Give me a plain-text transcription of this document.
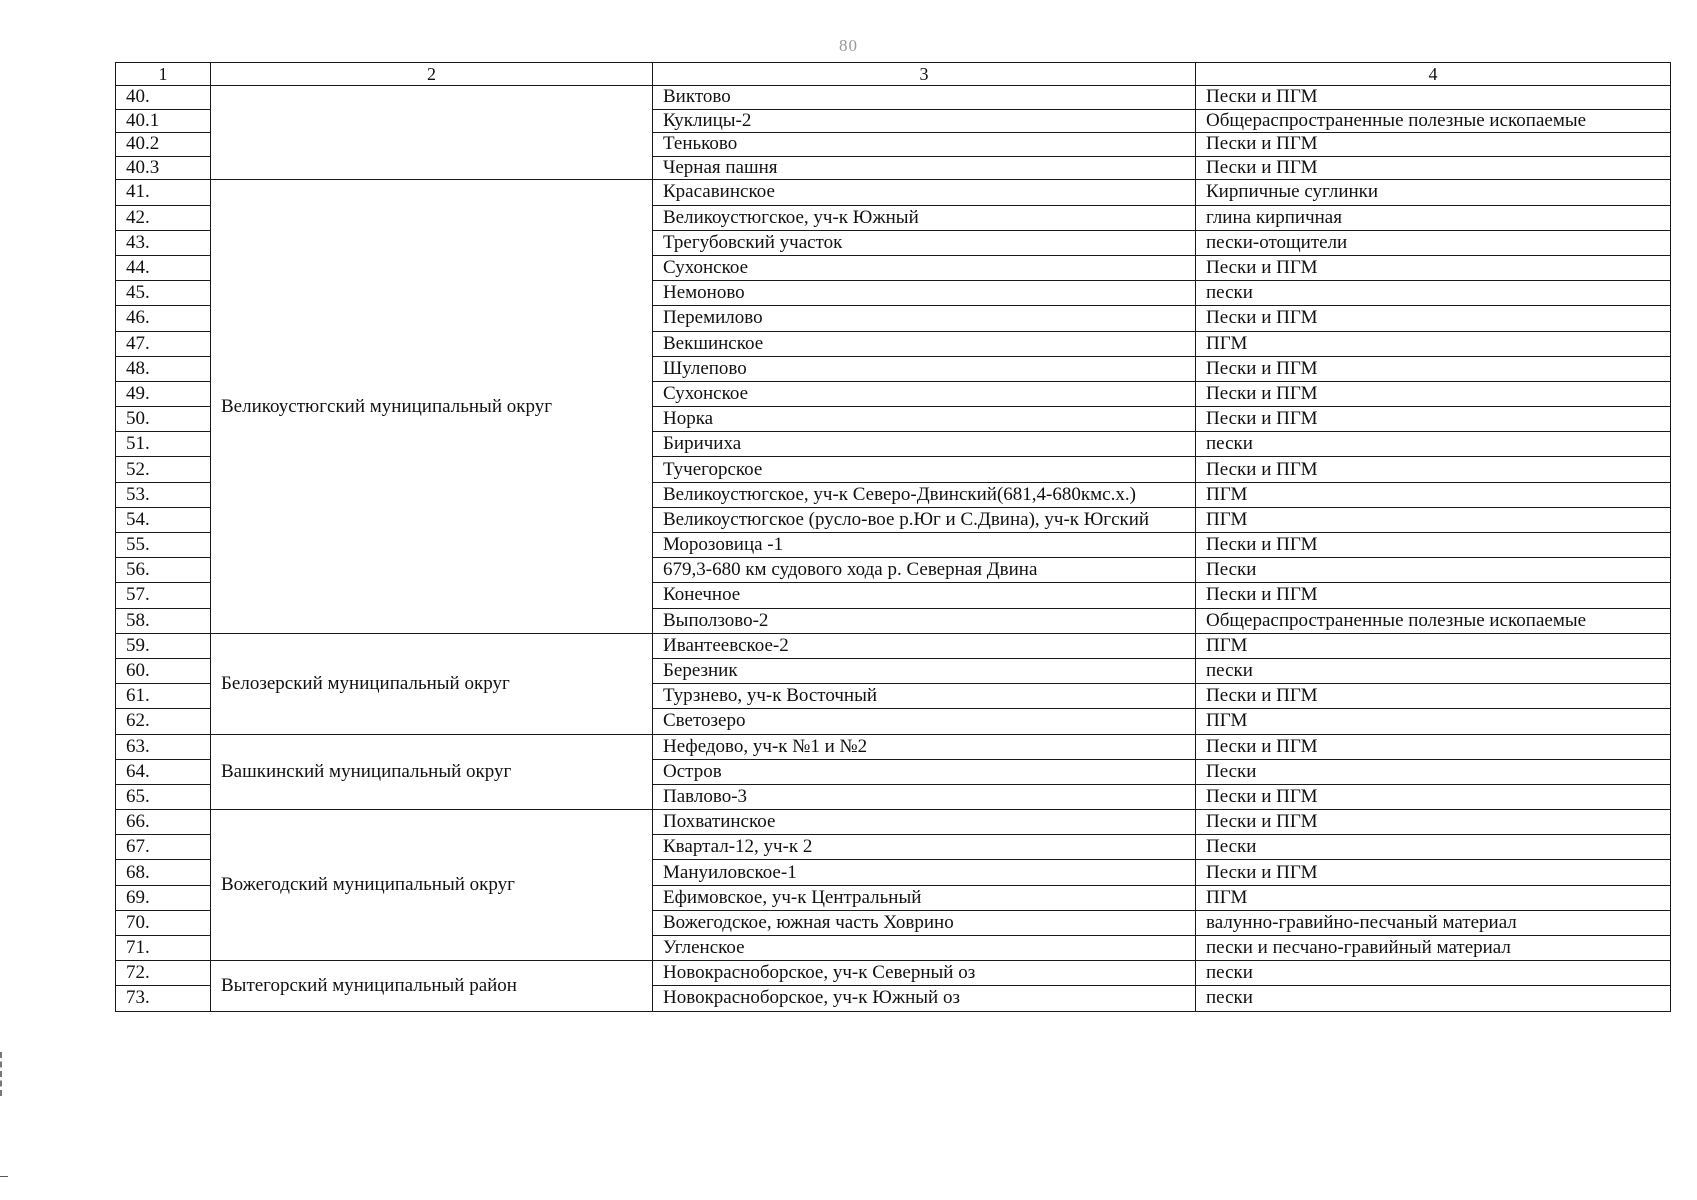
80
1	2	3	4
40.		Виктово	Пески и ПГМ
40.1		Куклицы-2	Общераспространенные полезные ископаемые
40.2		Теньково	Пески и ПГМ
40.3		Черная пашня	Пески и ПГМ
41.	Великоустюгский муниципальный округ	Красавинское	Кирпичные суглинки
42.		Великоустюгское, уч-к Южный	глина кирпичная
43.		Трегубовский участок	пески-отощители
44.		Сухонское	Пески и ПГМ
45.		Немоново	пески
46.		Перемилово	Пески и ПГМ
47.		Векшинское	ПГМ
48.		Шулепово	Пески и ПГМ
49.		Сухонское	Пески и ПГМ
50.		Норка	Пески и ПГМ
51.		Биричиха	пески
52.		Тучегорское	Пески и ПГМ
53.		Великоустюгское, уч-к Северо-Двинский(681,4-680кмс.х.)	ПГМ
54.		Великоустюгское (русло-вое р.Юг и С.Двина), уч-к Югский	ПГМ
55.		Морозовица -1	Пески и ПГМ
56.		679,3-680 км судового хода р. Северная Двина	Пески
57.		Конечное	Пески и ПГМ
58.		Выползово-2	Общераспространенные полезные ископаемые
59.	Белозерский муниципальный округ	Ивантеевское-2	ПГМ
60.		Березник	пески
61.		Турзнево, уч-к Восточный	Пески и ПГМ
62.		Светозеро	ПГМ
63.	Вашкинский муниципальный округ	Нефедово, уч-к №1 и №2	Пески и ПГМ
64.		Остров	Пески
65.		Павлово-3	Пески и ПГМ
66.	Вожегодский муниципальный округ	Похватинское	Пески и ПГМ
67.		Квартал-12, уч-к 2	Пески
68.		Мануиловское-1	Пески и ПГМ
69.		Ефимовское, уч-к Центральный	ПГМ
70.		Вожегодское, южная часть Ховрино	валунно-гравийно-песчаный материал
71.		Угленское	пески и песчано-гравийный материал
72.	Вытегорский муниципальный район	Новокрасноборское, уч-к Северный оз	пески
73.		Новокрасноборское, уч-к Южный оз	пески
